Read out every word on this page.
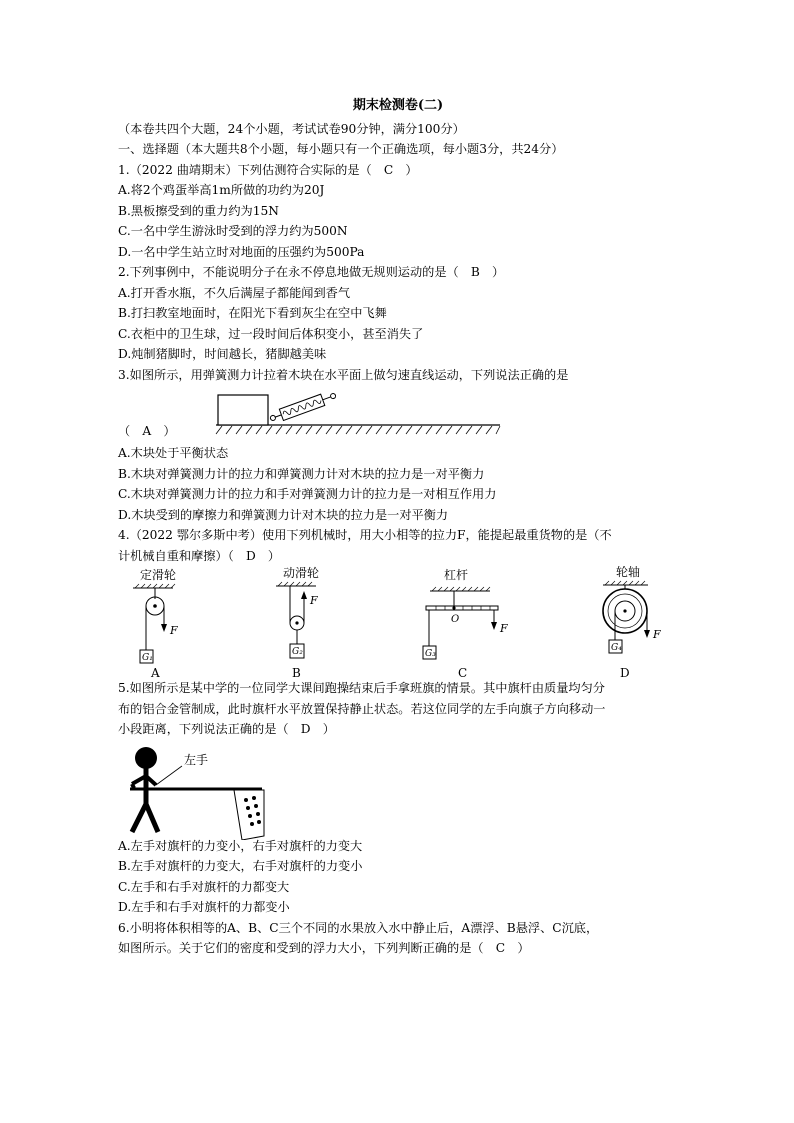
期末检测卷(二)
（本卷共四个大题，24个小题，考试试卷90分钟，满分100分）
一、选择题（本大题共8个小题，每小题只有一个正确选项，每小题3分，共24分）
1.（2022 曲靖期末）下列估测符合实际的是（　C　）
A.将2个鸡蛋举高1m所做的功约为20J
B.黑板擦受到的重力约为15N
C.一名中学生游泳时受到的浮力约为500N
D.一名中学生站立时对地面的压强约为500Pa
2.下列事例中，不能说明分子在永不停息地做无规则运动的是（　B　）
A.打开香水瓶，不久后满屋子都能闻到香气
B.打扫教室地面时，在阳光下看到灰尘在空中飞舞
C.衣柜中的卫生球，过一段时间后体积变小，甚至消失了
D.炖制猪脚时，时间越长，猪脚越美味
3.如图所示，用弹簧测力计拉着木块在水平面上做匀速直线运动，下列说法正确的是
（　A　）
A.木块处于平衡状态
B.木块对弹簧测力计的拉力和弹簧测力计对木块的拉力是一对平衡力
C.木块对弹簧测力计的拉力和手对弹簧测力计的拉力是一对相互作用力
D.木块受到的摩擦力和弹簧测力计对木块的拉力是一对平衡力
4.（2022 鄂尔多斯中考）使用下列机械时，用大小相等的拉力F，能提起最重货物的是（不
计机械自重和摩擦）（　D　）
定滑轮
F
G₁
A
动滑轮
F
G₂
B
杠杆
O
F
G₃
C
轮轴
F
G₄
D
5.如图所示是某中学的一位同学大课间跑操结束后手拿班旗的情景。其中旗杆由质量均匀分
布的铝合金管制成，此时旗杆水平放置保持静止状态。若这位同学的左手向旗子方向移动一
小段距离，下列说法正确的是（　D　）
左手
A.左手对旗杆的力变小，右手对旗杆的力变大
B.左手对旗杆的力变大，右手对旗杆的力变小
C.左手和右手对旗杆的力都变大
D.左手和右手对旗杆的力都变小
6.小明将体积相等的A、B、C三个不同的水果放入水中静止后，A漂浮、B悬浮、C沉底，
如图所示。关于它们的密度和受到的浮力大小，下列判断正确的是（　C　）
